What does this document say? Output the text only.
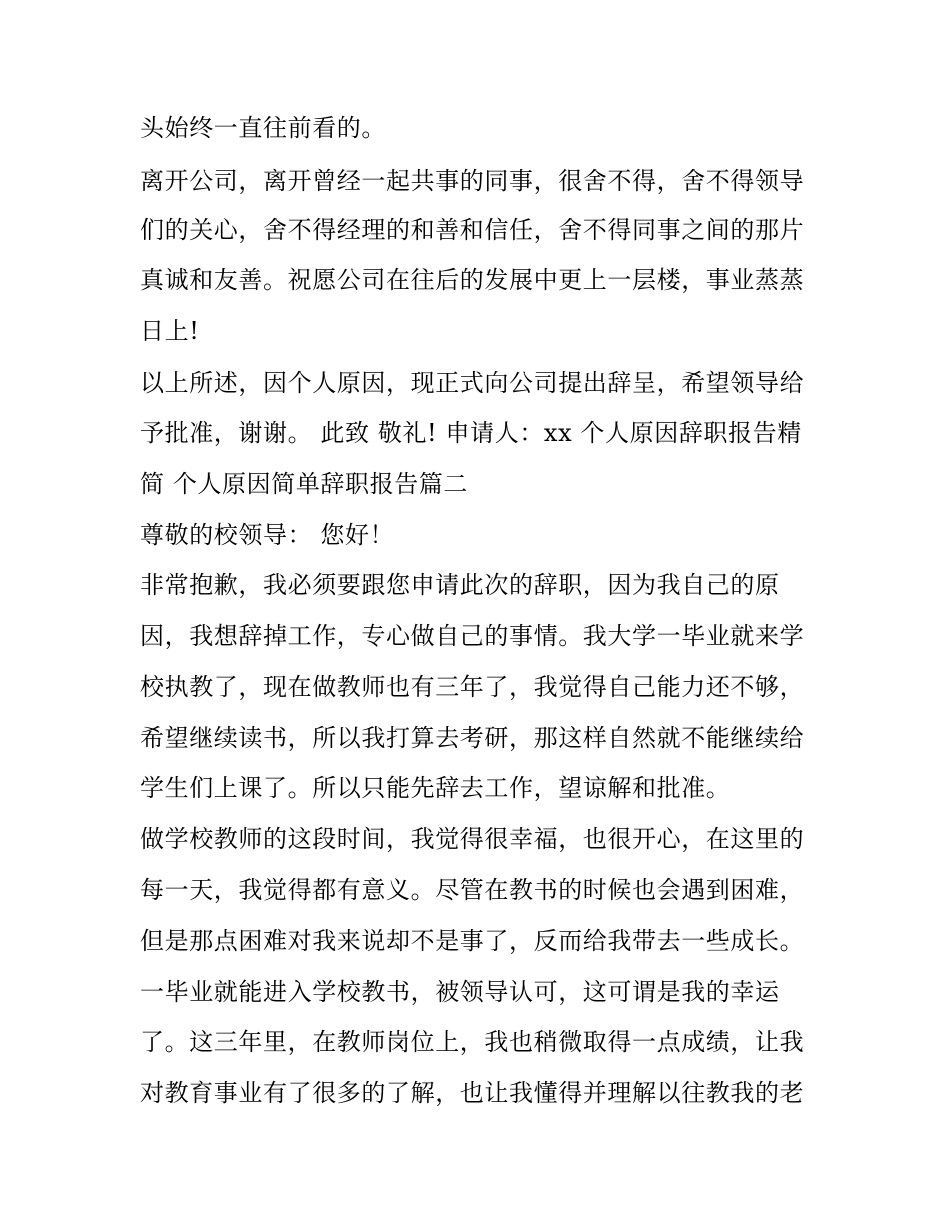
头始终一直往前看的。
离开公司，离开曾经一起共事的同事，很舍不得，舍不得领导
们的关心，舍不得经理的和善和信任，舍不得同事之间的那片
真诚和友善。祝愿公司在往后的发展中更上一层楼，事业蒸蒸
日上!
以上所述，因个人原因，现正式向公司提出辞呈，希望领导给
予批准，谢谢。 此致 敬礼! 申请人：xx 个人原因辞职报告精
简 个人原因简单辞职报告篇二
尊敬的校领导： 您好！
非常抱歉，我必须要跟您申请此次的辞职，因为我自己的原
因，我想辞掉工作，专心做自己的事情。我大学一毕业就来学
校执教了，现在做教师也有三年了，我觉得自己能力还不够，
希望继续读书，所以我打算去考研，那这样自然就不能继续给
学生们上课了。所以只能先辞去工作，望谅解和批准。
做学校教师的这段时间，我觉得很幸福，也很开心，在这里的
每一天，我觉得都有意义。尽管在教书的时候也会遇到困难，
但是那点困难对我来说却不是事了，反而给我带去一些成长。
一毕业就能进入学校教书，被领导认可，这可谓是我的幸运
了。这三年里，在教师岗位上，我也稍微取得一点成绩，让我
对教育事业有了很多的了解，也让我懂得并理解以往教我的老
